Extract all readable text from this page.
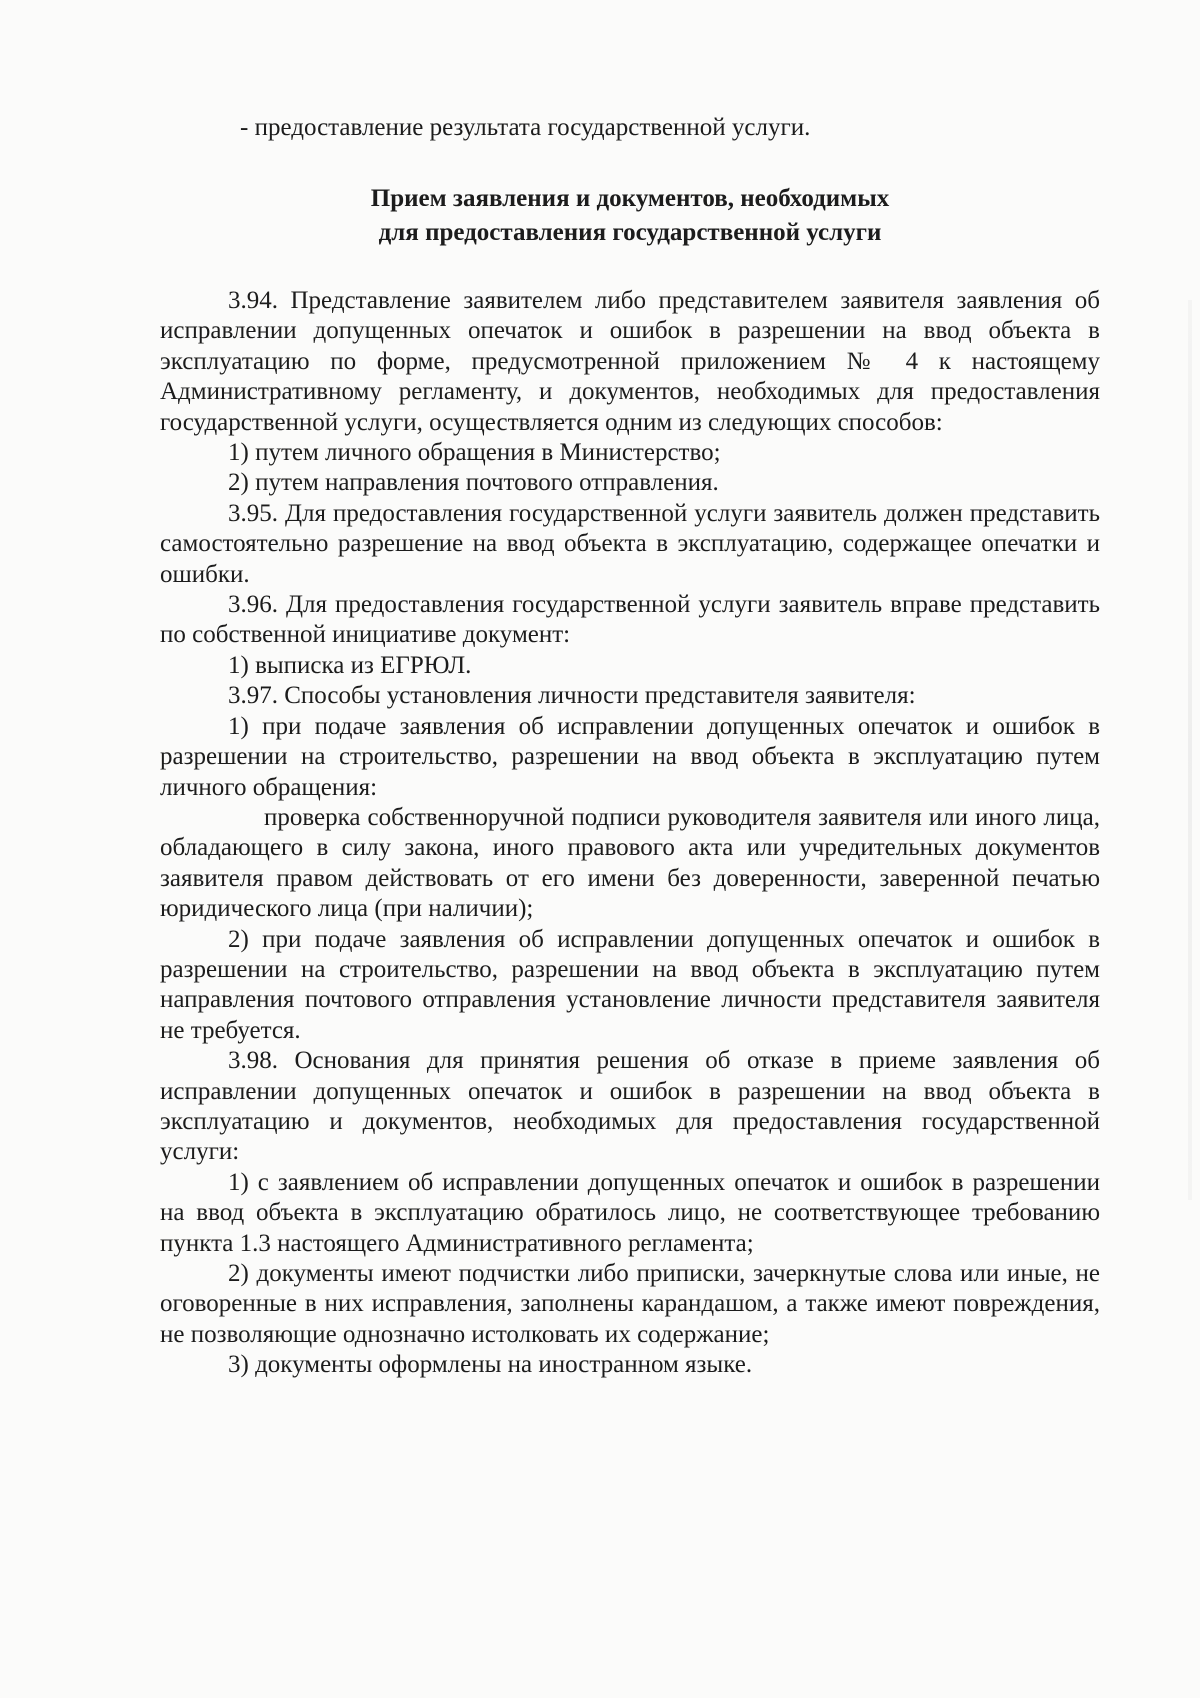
- предоставление результата государственной услуги.

Прием заявления и документов, необходимых
для предоставления государственной услуги

3.94. Представление заявителем либо представителем заявителя заявления об исправлении допущенных опечаток и ошибок в разрешении на ввод объекта в эксплуатацию по форме, предусмотренной приложением № 4 к настоящему Административному регламенту, и документов, необходимых для предоставления государственной услуги, осуществляется одним из следующих способов:

1) путем личного обращения в Министерство;

2) путем направления почтового отправления.

3.95. Для предоставления государственной услуги заявитель должен представить самостоятельно разрешение на ввод объекта в эксплуатацию, содержащее опечатки и ошибки.

3.96. Для предоставления государственной услуги заявитель вправе представить по собственной инициативе документ:

1) выписка из ЕГРЮЛ.

3.97. Способы установления личности представителя заявителя:

1) при подаче заявления об исправлении допущенных опечаток и ошибок в разрешении на строительство, разрешении на ввод объекта в эксплуатацию путем личного обращения:

проверка собственноручной подписи руководителя заявителя или иного лица, обладающего в силу закона, иного правового акта или учредительных документов заявителя правом действовать от его имени без доверенности, заверенной печатью юридического лица (при наличии);

2) при подаче заявления об исправлении допущенных опечаток и ошибок в разрешении на строительство, разрешении на ввод объекта в эксплуатацию путем направления почтового отправления установление личности представителя заявителя не требуется.

3.98. Основания для принятия решения об отказе в приеме заявления об исправлении допущенных опечаток и ошибок в разрешении на ввод объекта в эксплуатацию и документов, необходимых для предоставления государственной услуги:

1) с заявлением об исправлении допущенных опечаток и ошибок в разрешении на ввод объекта в эксплуатацию обратилось лицо, не соответствующее требованию пункта 1.3 настоящего Административного регламента;

2) документы имеют подчистки либо приписки, зачеркнутые слова или иные, не оговоренные в них исправления, заполнены карандашом, а также имеют повреждения, не позволяющие однозначно истолковать их содержание;

3) документы оформлены на иностранном языке.
